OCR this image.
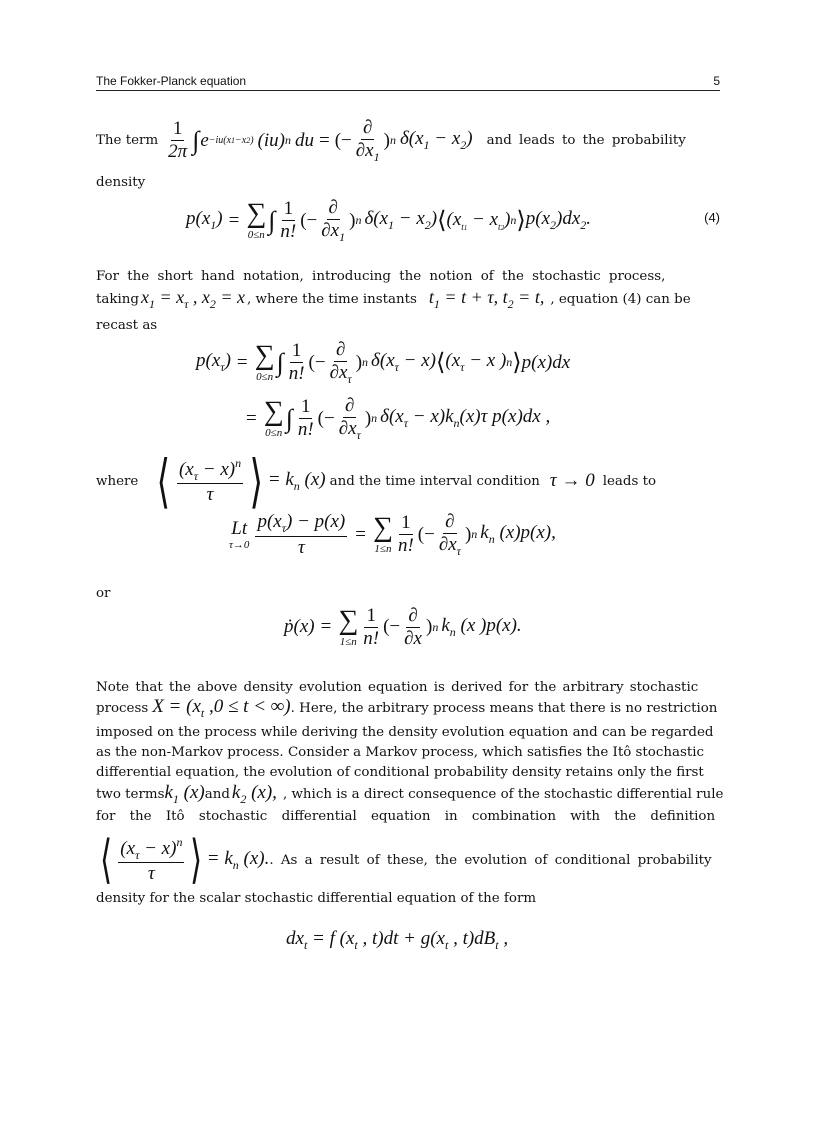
The Fokker-Planck equation	5
The term $\frac{1}{2\pi}$ ∫ e −iu(x1−x2) (iu) n du = (− $\frac{\partial}{\partial x_1}$ ) n $\delta(x_1 - x_2)$ and leads to the probability
density
$p(x_1)$ = ∑
0≤n
∫ $\frac{1}{n!}$ (− $\frac{\partial}{\partial x_1}$ ) n $\delta(x_1 - x_2)$ ⟨ $(x_{t1} - x_{t2})$ n ⟩ $p(x_2)dx_2$.	(4)
For the short hand notation, introducing the notion of the stochastic process,
taking $x_1 = x_\tau$ , $x_2 = x$ , where the time instants $t_1 = t + \tau$, $t_2 = t$, , equation (4) can be
recast as
$p(x_\tau)$ = ∑
0≤n
∫ $\frac{1}{n!}$ (− $\frac{\partial}{\partial x_\tau}$ ) n $\delta(x_\tau - x)$ ⟨ ($x_\tau - x$ ) n ⟩ p(x)dx
= ∑
0≤n
∫ $\frac{1}{n!}$ (− $\frac{\partial}{\partial x_\tau}$ ) n $\delta(x_\tau - x)k_n(x)\tau$ p(x)dx ,
where ⟨ $\frac{(x_\tau - x)^n}{\tau}$ ⟩ = $k_n$ (x) and the time interval condition τ → 0 leads to
Lt
$\tau\to 0 \frac{p(x_\tau) - p(x)}{\tau}$ = ∑
$1\le n \frac{1}{n!}$ (− $\frac{\partial}{\partial x_\tau}$ ) n $k_n$ (x)p(x),
or
ṗ(x) = ∑
$1\le n \frac{1}{n!}$ (− $\frac{\partial}{\partial x}$ ) n $k_n$ (x )p(x).
Note that the above density evolution equation is derived for the arbitrary stochastic
process $X = (x_t$ ,0 ≤ t < ∞) . Here, the arbitrary process means that there is no restriction
imposed on the process while deriving the density evolution equation and can be regarded
as the non-Markov process. Consider a Markov process, which satisfies the Itô stochastic
differential equation, the evolution of conditional probability density retains only the first
two terms $k_1$ (x) and $k_2$ (x), , which is a direct consequence of the stochastic differential rule
for the Itô stochastic differential equation in combination with the definition
⟨ $\frac{(x_\tau - x)^n}{\tau}$ ⟩ = $k_n$ (x). . As a result of these, the evolution of conditional probability
density for the scalar stochastic differential equation of the form
$dx_t = f$ ($x_t$ , $t)dt + g(x_t$ , $t)dB_t$ ,
